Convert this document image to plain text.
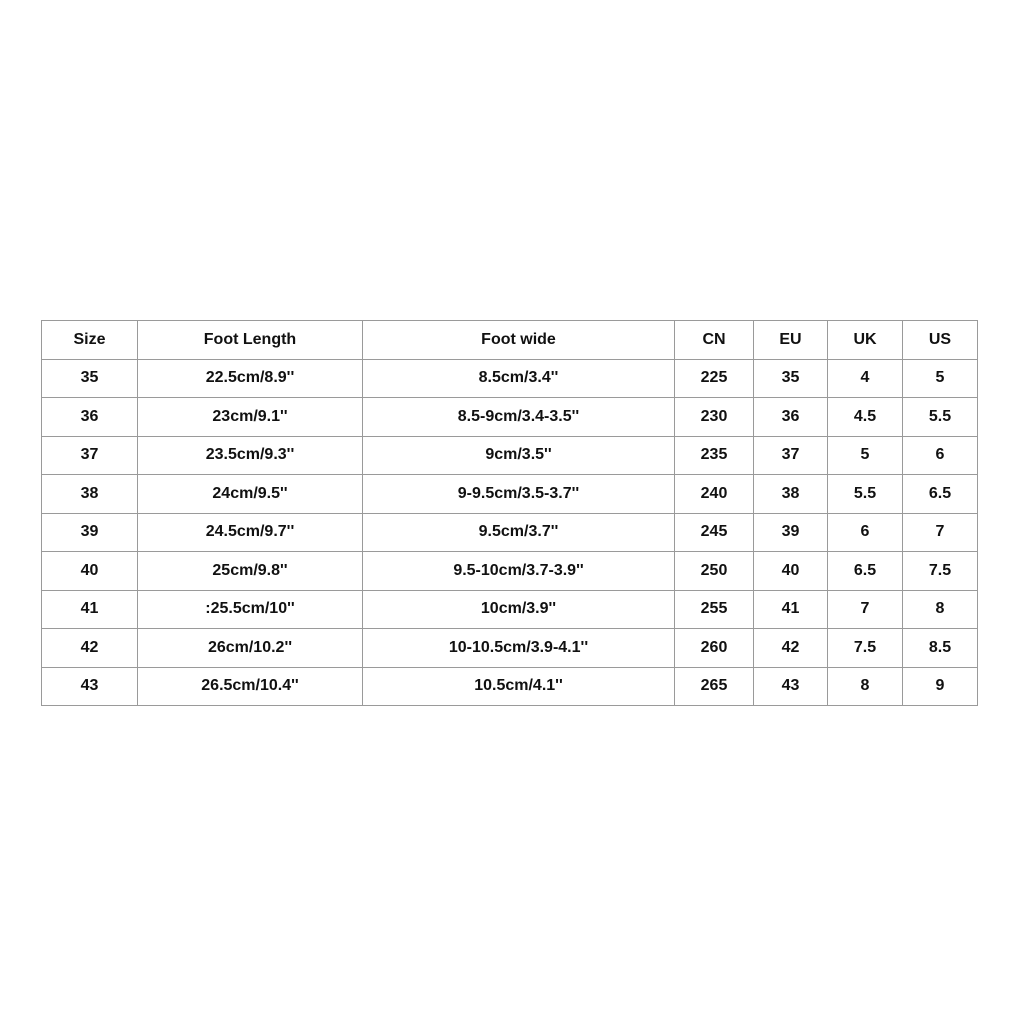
Size	Foot Length	Foot wide	CN	EU	UK	US
35	22.5cm/8.9''	8.5cm/3.4''	225	35	4	5
36	23cm/9.1''	8.5-9cm/3.4-3.5''	230	36	4.5	5.5
37	23.5cm/9.3''	9cm/3.5''	235	37	5	6
38	24cm/9.5''	9-9.5cm/3.5-3.7''	240	38	5.5	6.5
39	24.5cm/9.7''	9.5cm/3.7''	245	39	6	7
40	25cm/9.8''	9.5-10cm/3.7-3.9''	250	40	6.5	7.5
41	:25.5cm/10''	10cm/3.9''	255	41	7	8
42	26cm/10.2''	10-10.5cm/3.9-4.1''	260	42	7.5	8.5
43	26.5cm/10.4''	10.5cm/4.1''	265	43	8	9
